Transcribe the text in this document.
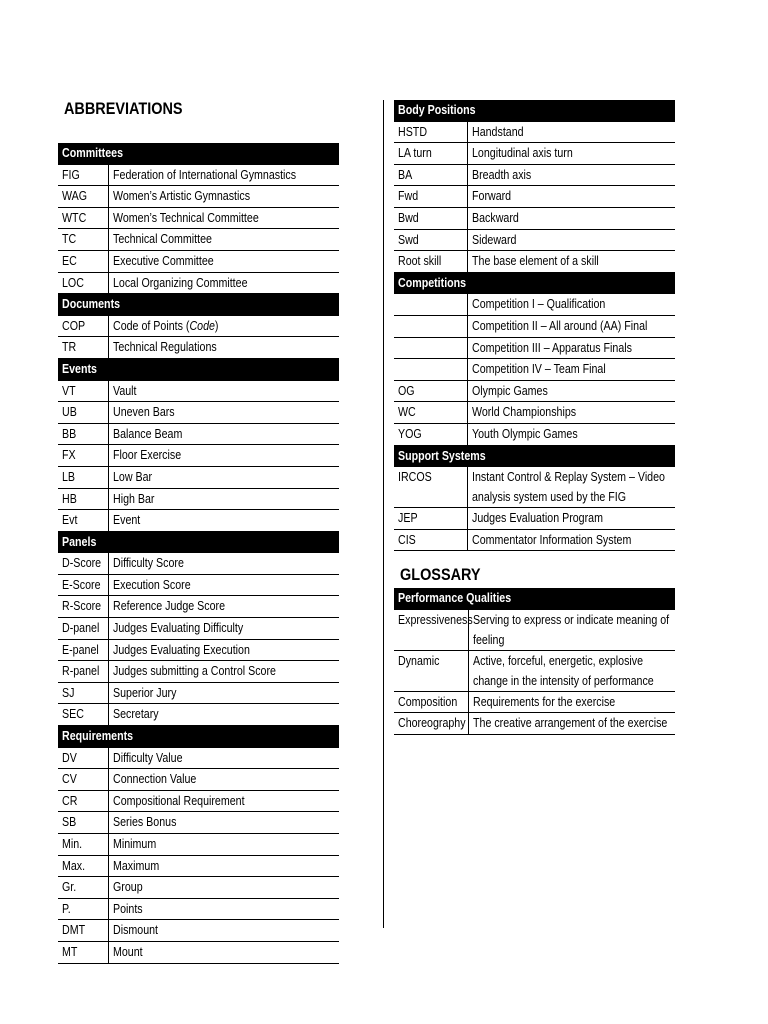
ABBREVIATIONS
Committees	
FIG	Federation of International Gymnastics
WAG	Women’s Artistic Gymnastics
WTC	Women’s Technical Committee
TC	Technical Committee
EC	Executive Committee
LOC	Local Organizing Committee
Documents	
COP	Code of Points (Code)
TR	Technical Regulations
Events	
VT	Vault
UB	Uneven Bars
BB	Balance Beam
FX	Floor Exercise
LB	Low Bar
HB	High Bar
Evt	Event
Panels	
D-Score	Difficulty Score
E-Score	Execution Score
R-Score	Reference Judge Score
D-panel	Judges Evaluating Difficulty
E-panel	Judges Evaluating Execution
R-panel	Judges submitting a Control Score
SJ	Superior Jury
SEC	Secretary
Requirements	
DV	Difficulty Value
CV	Connection Value
CR	Compositional Requirement
SB	Series Bonus
Min.	Minimum
Max.	Maximum
Gr.	Group
P.	Points
DMT	Dismount
MT	Mount
Body Positions	
HSTD	Handstand
LA turn	Longitudinal axis turn
BA	Breadth axis
Fwd	Forward
Bwd	Backward
Swd	Sideward
Root skill	The base element of a skill
Competitions	
	Competition I – Qualification
	Competition II – All around (AA) Final
	Competition III – Apparatus Finals
	Competition IV – Team Final
OG	Olympic Games
WC	World Championships
YOG	Youth Olympic Games
Support Systems	
IRCOS	Instant Control & Replay System – Video analysis system used by the FIG
JEP	Judges Evaluation Program
CIS	Commentator Information System
GLOSSARY
Performance Qualities	
Expressiveness	Serving to express or indicate meaning of feeling
Dynamic	Active, forceful, energetic, explosive change in the intensity of performance
Composition	Requirements for the exercise
Choreography	The creative arrangement of the exercise
